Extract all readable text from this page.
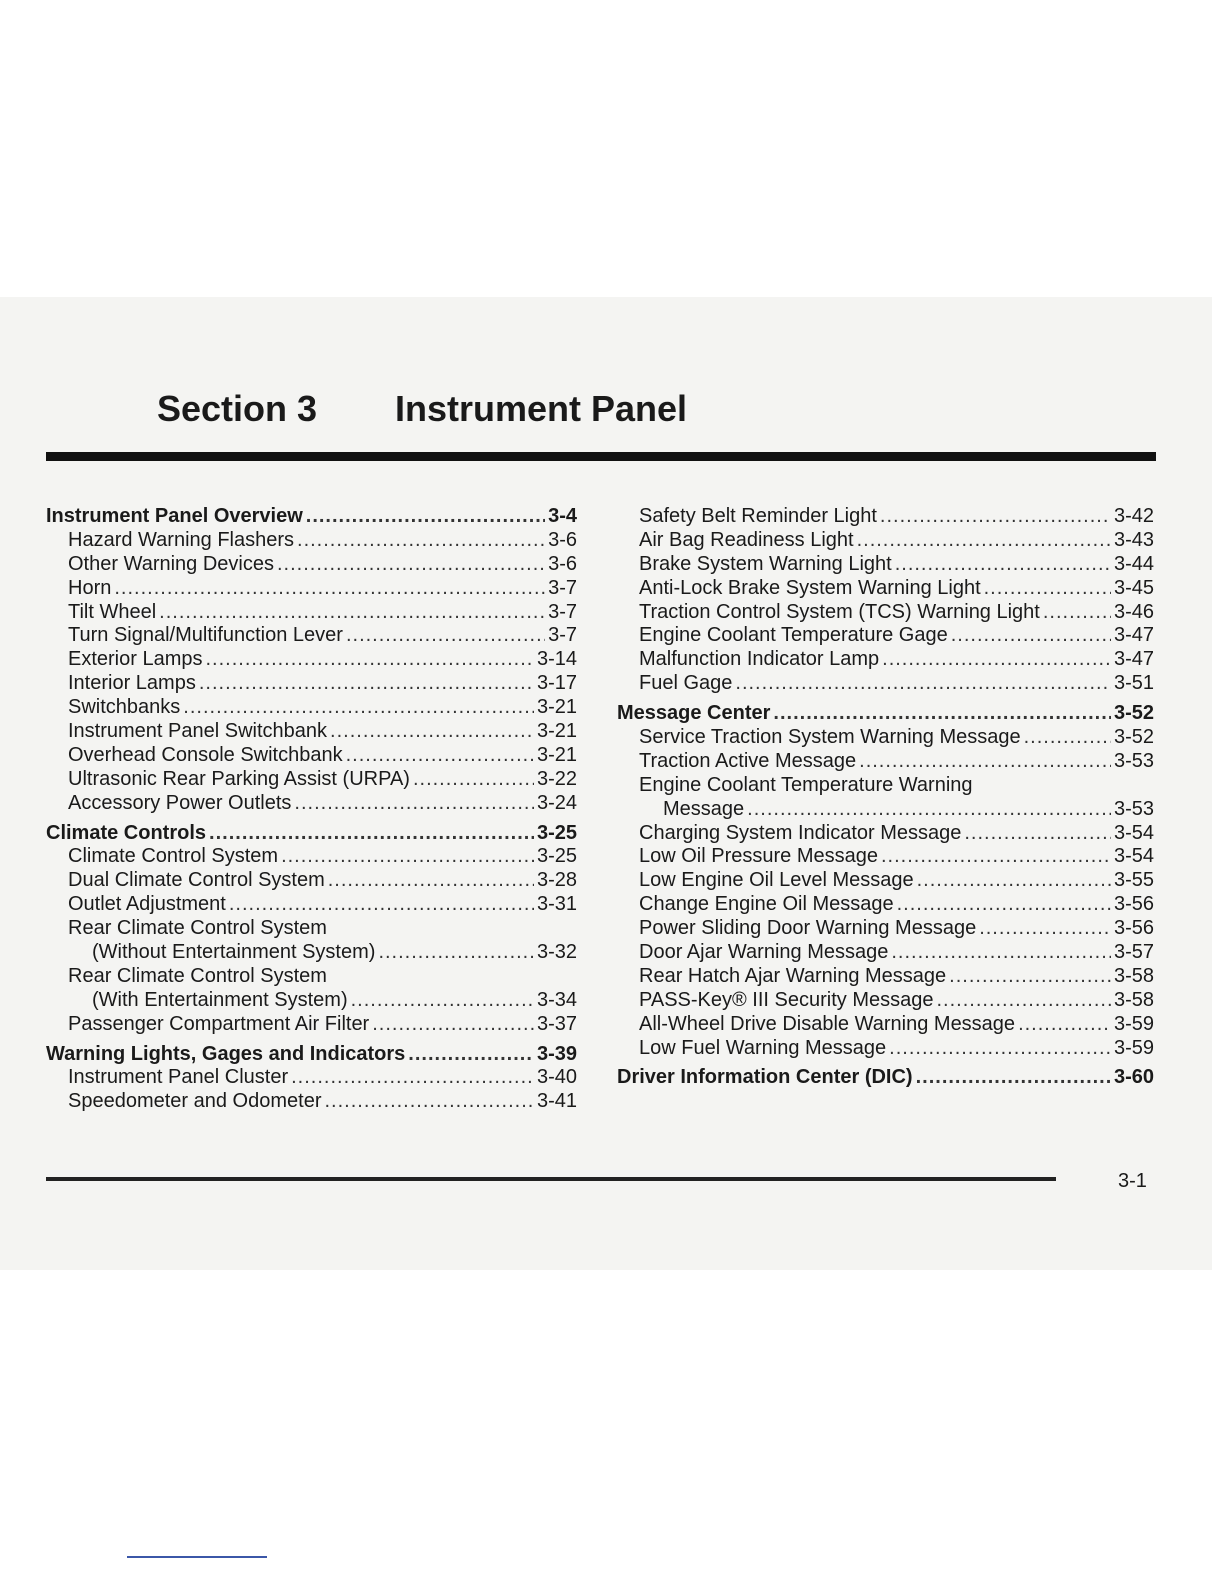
Section 3 Instrument Panel
Instrument Panel Overview .....	3-4
Hazard Warning Flashers .....	3-6
Other Warning Devices .....	3-6
Horn .....	3-7
Tilt Wheel .....	3-7
Turn Signal/Multifunction Lever .....	3-7
Exterior Lamps .....	3-14
Interior Lamps .....	3-17
Switchbanks .....	3-21
Instrument Panel Switchbank .....	3-21
Overhead Console Switchbank .....	3-21
Ultrasonic Rear Parking Assist (URPA) .....	3-22
Accessory Power Outlets .....	3-24
Climate Controls .....	3-25
Climate Control System .....	3-25
Dual Climate Control System .....	3-28
Outlet Adjustment .....	3-31
Rear Climate Control System
(Without Entertainment System) .....	3-32
Rear Climate Control System
(With Entertainment System) .....	3-34
Passenger Compartment Air Filter .....	3-37
Warning Lights, Gages and Indicators .....	3-39
Instrument Panel Cluster .....	3-40
Speedometer and Odometer .....	3-41
Safety Belt Reminder Light .....	3-42
Air Bag Readiness Light .....	3-43
Brake System Warning Light .....	3-44
Anti-Lock Brake System Warning Light .....	3-45
Traction Control System (TCS) Warning Light .....	3-46
Engine Coolant Temperature Gage .....	3-47
Malfunction Indicator Lamp .....	3-47
Fuel Gage .....	3-51
Message Center .....	3-52
Service Traction System Warning Message .....	3-52
Traction Active Message .....	3-53
Engine Coolant Temperature Warning
Message .....	3-53
Charging System Indicator Message .....	3-54
Low Oil Pressure Message .....	3-54
Low Engine Oil Level Message .....	3-55
Change Engine Oil Message .....	3-56
Power Sliding Door Warning Message .....	3-56
Door Ajar Warning Message .....	3-57
Rear Hatch Ajar Warning Message .....	3-58
PASS-Key® III Security Message .....	3-58
All-Wheel Drive Disable Warning Message .....	3-59
Low Fuel Warning Message .....	3-59
Driver Information Center (DIC) .....	3-60
3-1
